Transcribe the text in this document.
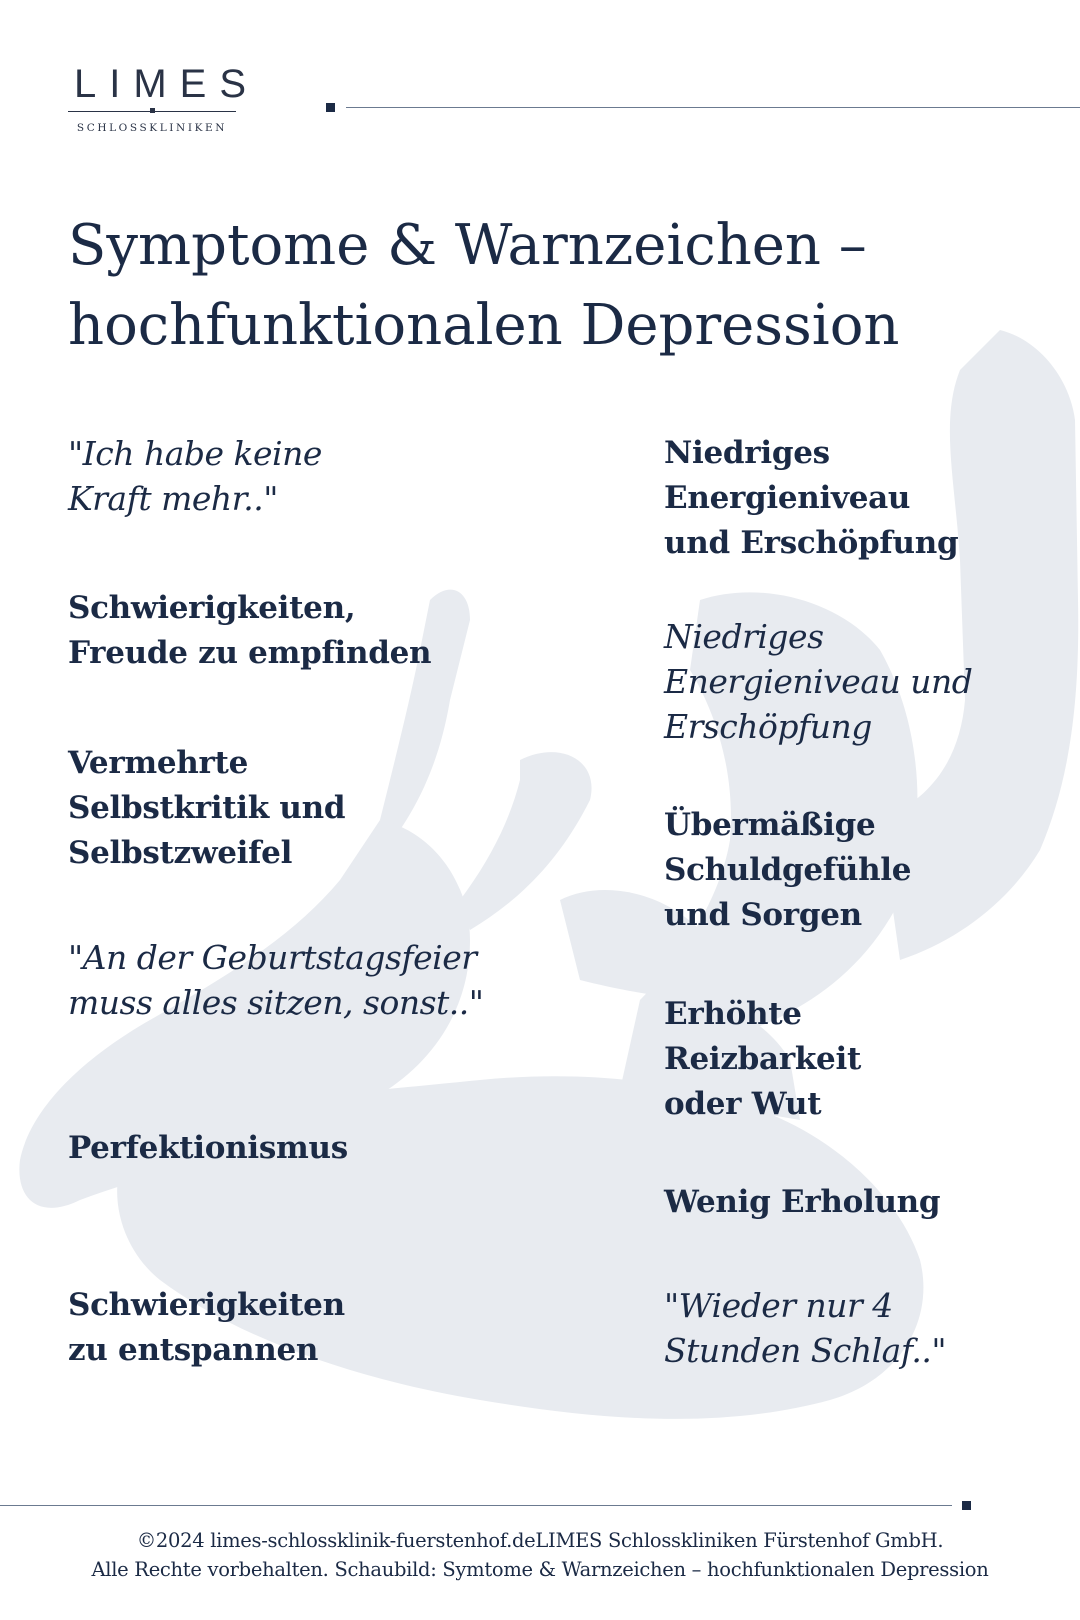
LIMES
SCHLOSSKLINIKEN
Symptome & Warnzeichen –
hochfunktionalen Depression

"Ich habe keine
Kraft mehr.."

Schwierigkeiten,
Freude zu empfinden

Vermehrte
Selbstkritik und
Selbstzweifel

"An der Geburtstagsfeier
muss alles sitzen, sonst.."

Perfektionismus

Schwierigkeiten
zu entspannen

Niedriges
Energieniveau
und Erschöpfung

Niedriges
Energieniveau und
Erschöpfung

Übermäßige
Schuldgefühle
und Sorgen

Erhöhte
Reizbarkeit
oder Wut

Wenig Erholung

"Wieder nur 4
Stunden Schlaf.."

©2024 limes-schlossklinik-fuerstenhof.deLIMES Schlosskliniken Fürstenhof GmbH.
Alle Rechte vorbehalten. Schaubild: Symtome & Warnzeichen – hochfunktionalen Depression
